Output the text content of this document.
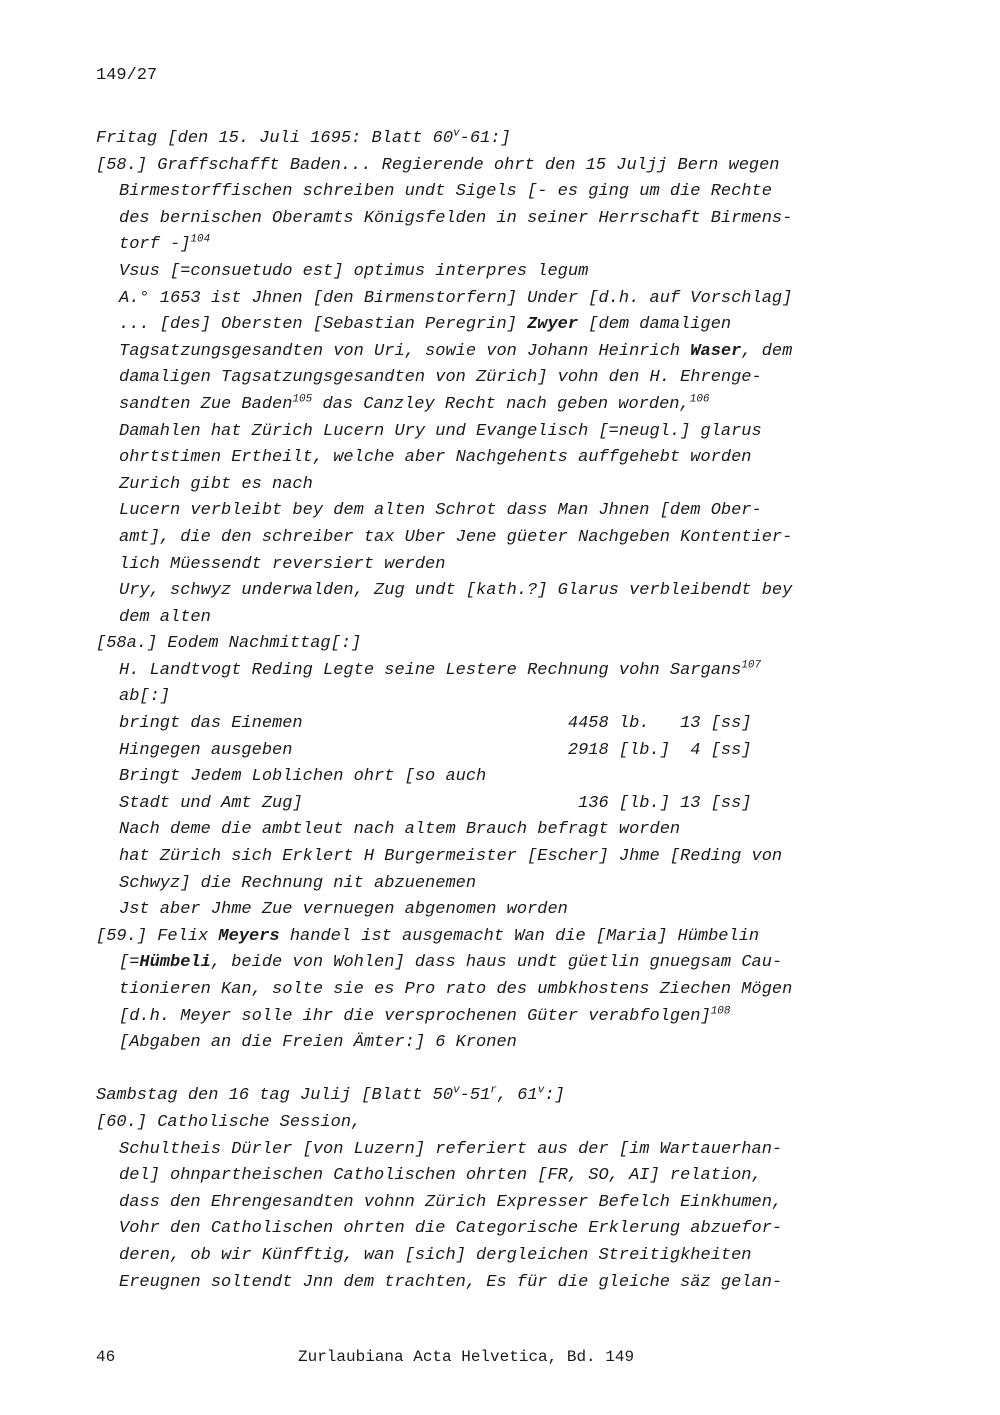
149/27
Fritag [den 15. Juli 1695: Blatt 60$^v$-61:]
[58.] Graffschafft Baden... Regierende ohrt den 15 Juljj Bern wegen
Birmestorffischen schreiben undt Sigels [- es ging um die Rechte
des bernischen Oberamts Königsfelden in seiner Herrschaft Birmens-
torf -]$^{104}$
Vsus [=consuetudo est] optimus interpres legum
A.° 1653 ist Jhnen [den Birmenstorfern] Under [d.h. auf Vorschlag]
... [des] Obersten [Sebastian Peregrin] Zwyer [dem damaligen
Tagsatzungsgesandten von Uri, sowie von Johann Heinrich Waser, dem
damaligen Tagsatzungsgesandten von Zürich] vohn den H. Ehrenge-
sandten Zue Baden$^{105}$ das Canzley Recht nach geben worden,$^{106}$
Damahlen hat Zürich Lucern Ury und Evangelisch [=neugl.] glarus
ohrtstimen Ertheilt, welche aber Nachgehents auffgehebt worden
Zurich gibt es nach
Lucern verbleibt bey dem alten Schrot dass Man Jhnen [dem Ober-
amt], die den schreiber tax Uber Jene güeter Nachgeben Kontentier-
lich Müessendt reversiert werden
Ury, schwyz underwalden, Zug undt [kath.?] Glarus verbleibendt bey
dem alten
[58a.] Eodem Nachmittag[:]
H. Landtvogt Reding Legte seine Lestere Rechnung vohn Sargans$^{107}$
ab[:]
bringt das Einemen                          4458 lb.   13 [ss]
Hingegen ausgeben                           2918 [lb.]  4 [ss]
Bringt Jedem Loblichen ohrt [so auch
Stadt und Amt Zug]                           136 [lb.] 13 [ss]
Nach deme die ambtleut nach altem Brauch befragt worden
hat Zürich sich Erklert H Burgermeister [Escher] Jhme [Reding von
Schwyz] die Rechnung nit abzuenemen
Jst aber Jhme Zue vernuegen abgenomen worden
[59.] Felix Meyers handel ist ausgemacht Wan die [Maria] Hümbelin
[=Hümbeli, beide von Wohlen] dass haus undt güetlin gnuegsam Cau-
tionieren Kan, solte sie es Pro rato des umbkhostens Ziechen Mögen
[d.h. Meyer solle ihr die versprochenen Güter verabfolgen]$^{108}$
[Abgaben an die Freien Ämter:] 6 Kronen
Sambstag den 16 tag Julij [Blatt 50$^v$-51$^r$, 61$^v$:]
[60.] Catholische Session,
Schultheis Dürler [von Luzern] referiert aus der [im Wartauerhan-
del] ohnpartheischen Catholischen ohrten [FR, SO, AI] relation,
dass den Ehrengesandten vohnn Zürich Expresser Befelch Einkhumen,
Vohr den Catholischen ohrten die Categorische Erklerung abzuefor-
deren, ob wir Künfftig, wan [sich] dergleichen Streitigkheiten
Ereugnen soltendt Jnn dem trachten, Es für die gleiche säz gelan-
46	Zurlaubiana Acta Helvetica, Bd. 149
